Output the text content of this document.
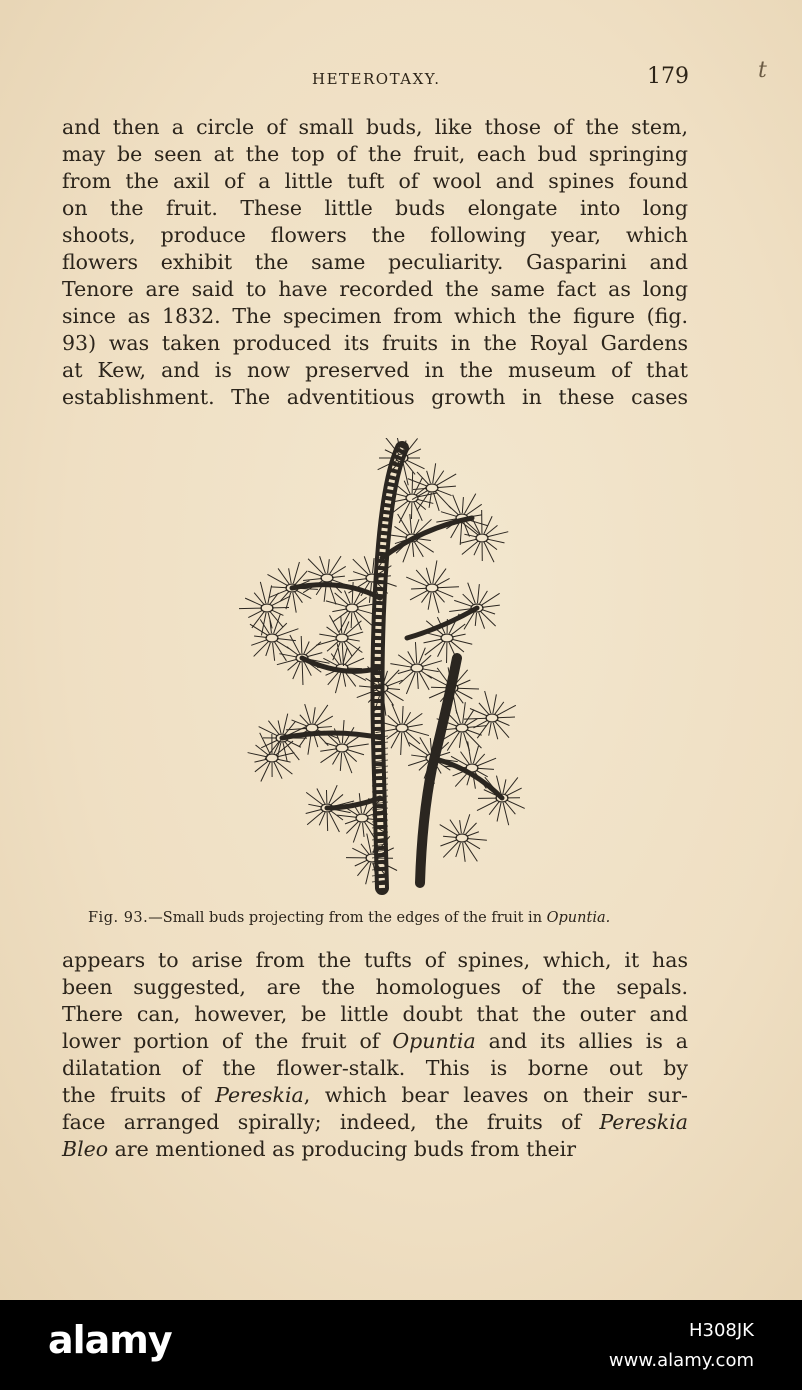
HETEROTAXY.	179	t
and then a circle of small buds, like those of the stem,
may be seen at the top of the fruit, each bud springing
from the axil of a little tuft of wool and spines found
on the fruit. These little buds elongate into long
shoots, produce flowers the following year, which
flowers exhibit the same peculiarity. Gasparini and
Tenore are said to have recorded the same fact as long
since as 1832. The specimen from which the figure (fig.
93) was taken produced its fruits in the Royal Gardens
at Kew, and is now preserved in the museum of that
establishment. The adventitious growth in these cases
Fig. 93.—Small buds projecting from the edges of the fruit in Opuntia.
appears to arise from the tufts of spines, which, it has
been suggested, are the homologues of the sepals.
There can, however, be little doubt that the outer and
lower portion of the fruit of Opuntia and its allies is a
dilatation of the flower-stalk. This is borne out by
the fruits of Pereskia, which bear leaves on their sur-
face arranged spirally; indeed, the fruits of Pereskia
Bleo are mentioned as producing buds from their
alamy	H308JK
www.alamy.com
